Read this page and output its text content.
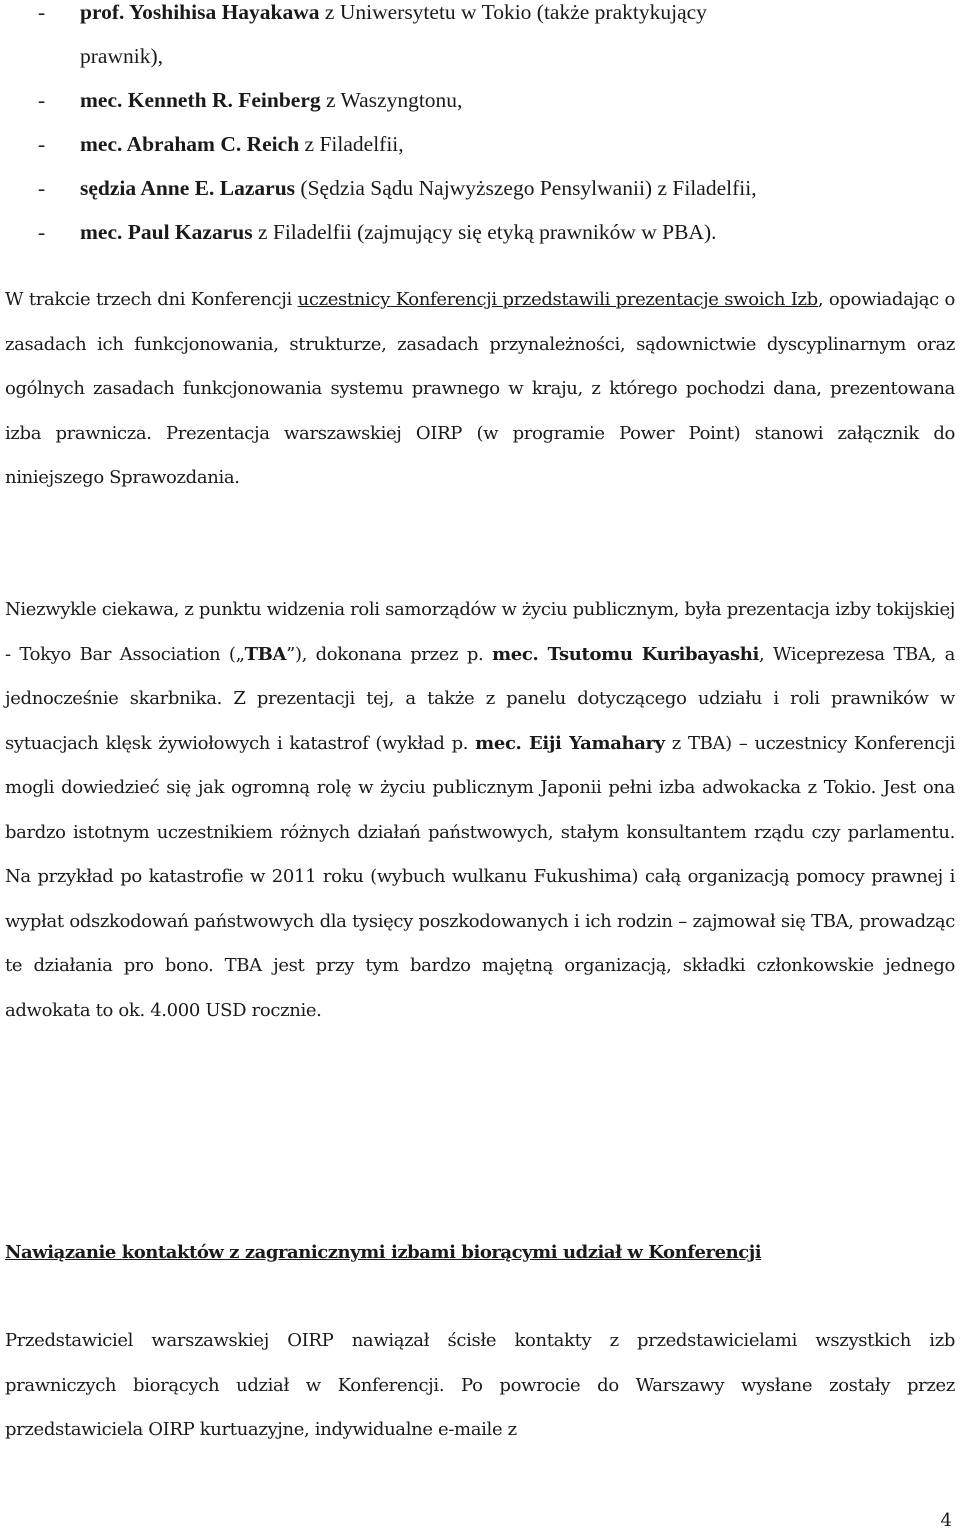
- prof. Yoshihisa Hayakawa z Uniwersytetu w Tokio (także praktykujący
prawnik),
- mec. Kenneth R. Feinberg z Waszyngtonu,
- mec. Abraham C. Reich z Filadelfii,
- sędzia Anne E. Lazarus (Sędzia Sądu Najwyższego Pensylwanii) z Filadelfii,
- mec. Paul Kazarus z Filadelfii (zajmujący się etyką prawników w PBA).

W trakcie trzech dni Konferencji uczestnicy Konferencji przedstawili prezentacje swoich Izb, opowiadając o zasadach ich funkcjonowania, strukturze, zasadach przynależności, sądownictwie dyscyplinarnym oraz ogólnych zasadach funkcjonowania systemu prawnego w kraju, z którego pochodzi dana, prezentowana izba prawnicza. Prezentacja warszawskiej OIRP (w programie Power Point) stanowi załącznik do niniejszego Sprawozdania.

Niezwykle ciekawa, z punktu widzenia roli samorządów w życiu publicznym, była prezentacja izby tokijskiej - Tokyo Bar Association („TBA”), dokonana przez p. mec. Tsutomu Kuribayashi, Wiceprezesa TBA, a jednocześnie skarbnika. Z prezentacji tej, a także z panelu dotyczącego udziału i roli prawników w sytuacjach klęsk żywiołowych i katastrof (wykład p. mec. Eiji Yamahary z TBA) – uczestnicy Konferencji mogli dowiedzieć się jak ogromną rolę w życiu publicznym Japonii pełni izba adwokacka z Tokio. Jest ona bardzo istotnym uczestnikiem różnych działań państwowych, stałym konsultantem rządu czy parlamentu. Na przykład po katastrofie w 2011 roku (wybuch wulkanu Fukushima) całą organizacją pomocy prawnej i wypłat odszkodowań państwowych dla tysięcy poszkodowanych i ich rodzin – zajmował się TBA, prowadząc te działania pro bono. TBA jest przy tym bardzo majętną organizacją, składki członkowskie jednego adwokata to ok. 4.000 USD rocznie.

Nawiązanie kontaktów z zagranicznymi izbami biorącymi udział w Konferencji

Przedstawiciel warszawskiej OIRP nawiązał ścisłe kontakty z przedstawicielami wszystkich izb prawniczych biorących udział w Konferencji. Po powrocie do Warszawy wysłane zostały przez przedstawiciela OIRP kurtuazyjne, indywidualne e-maile z

4
